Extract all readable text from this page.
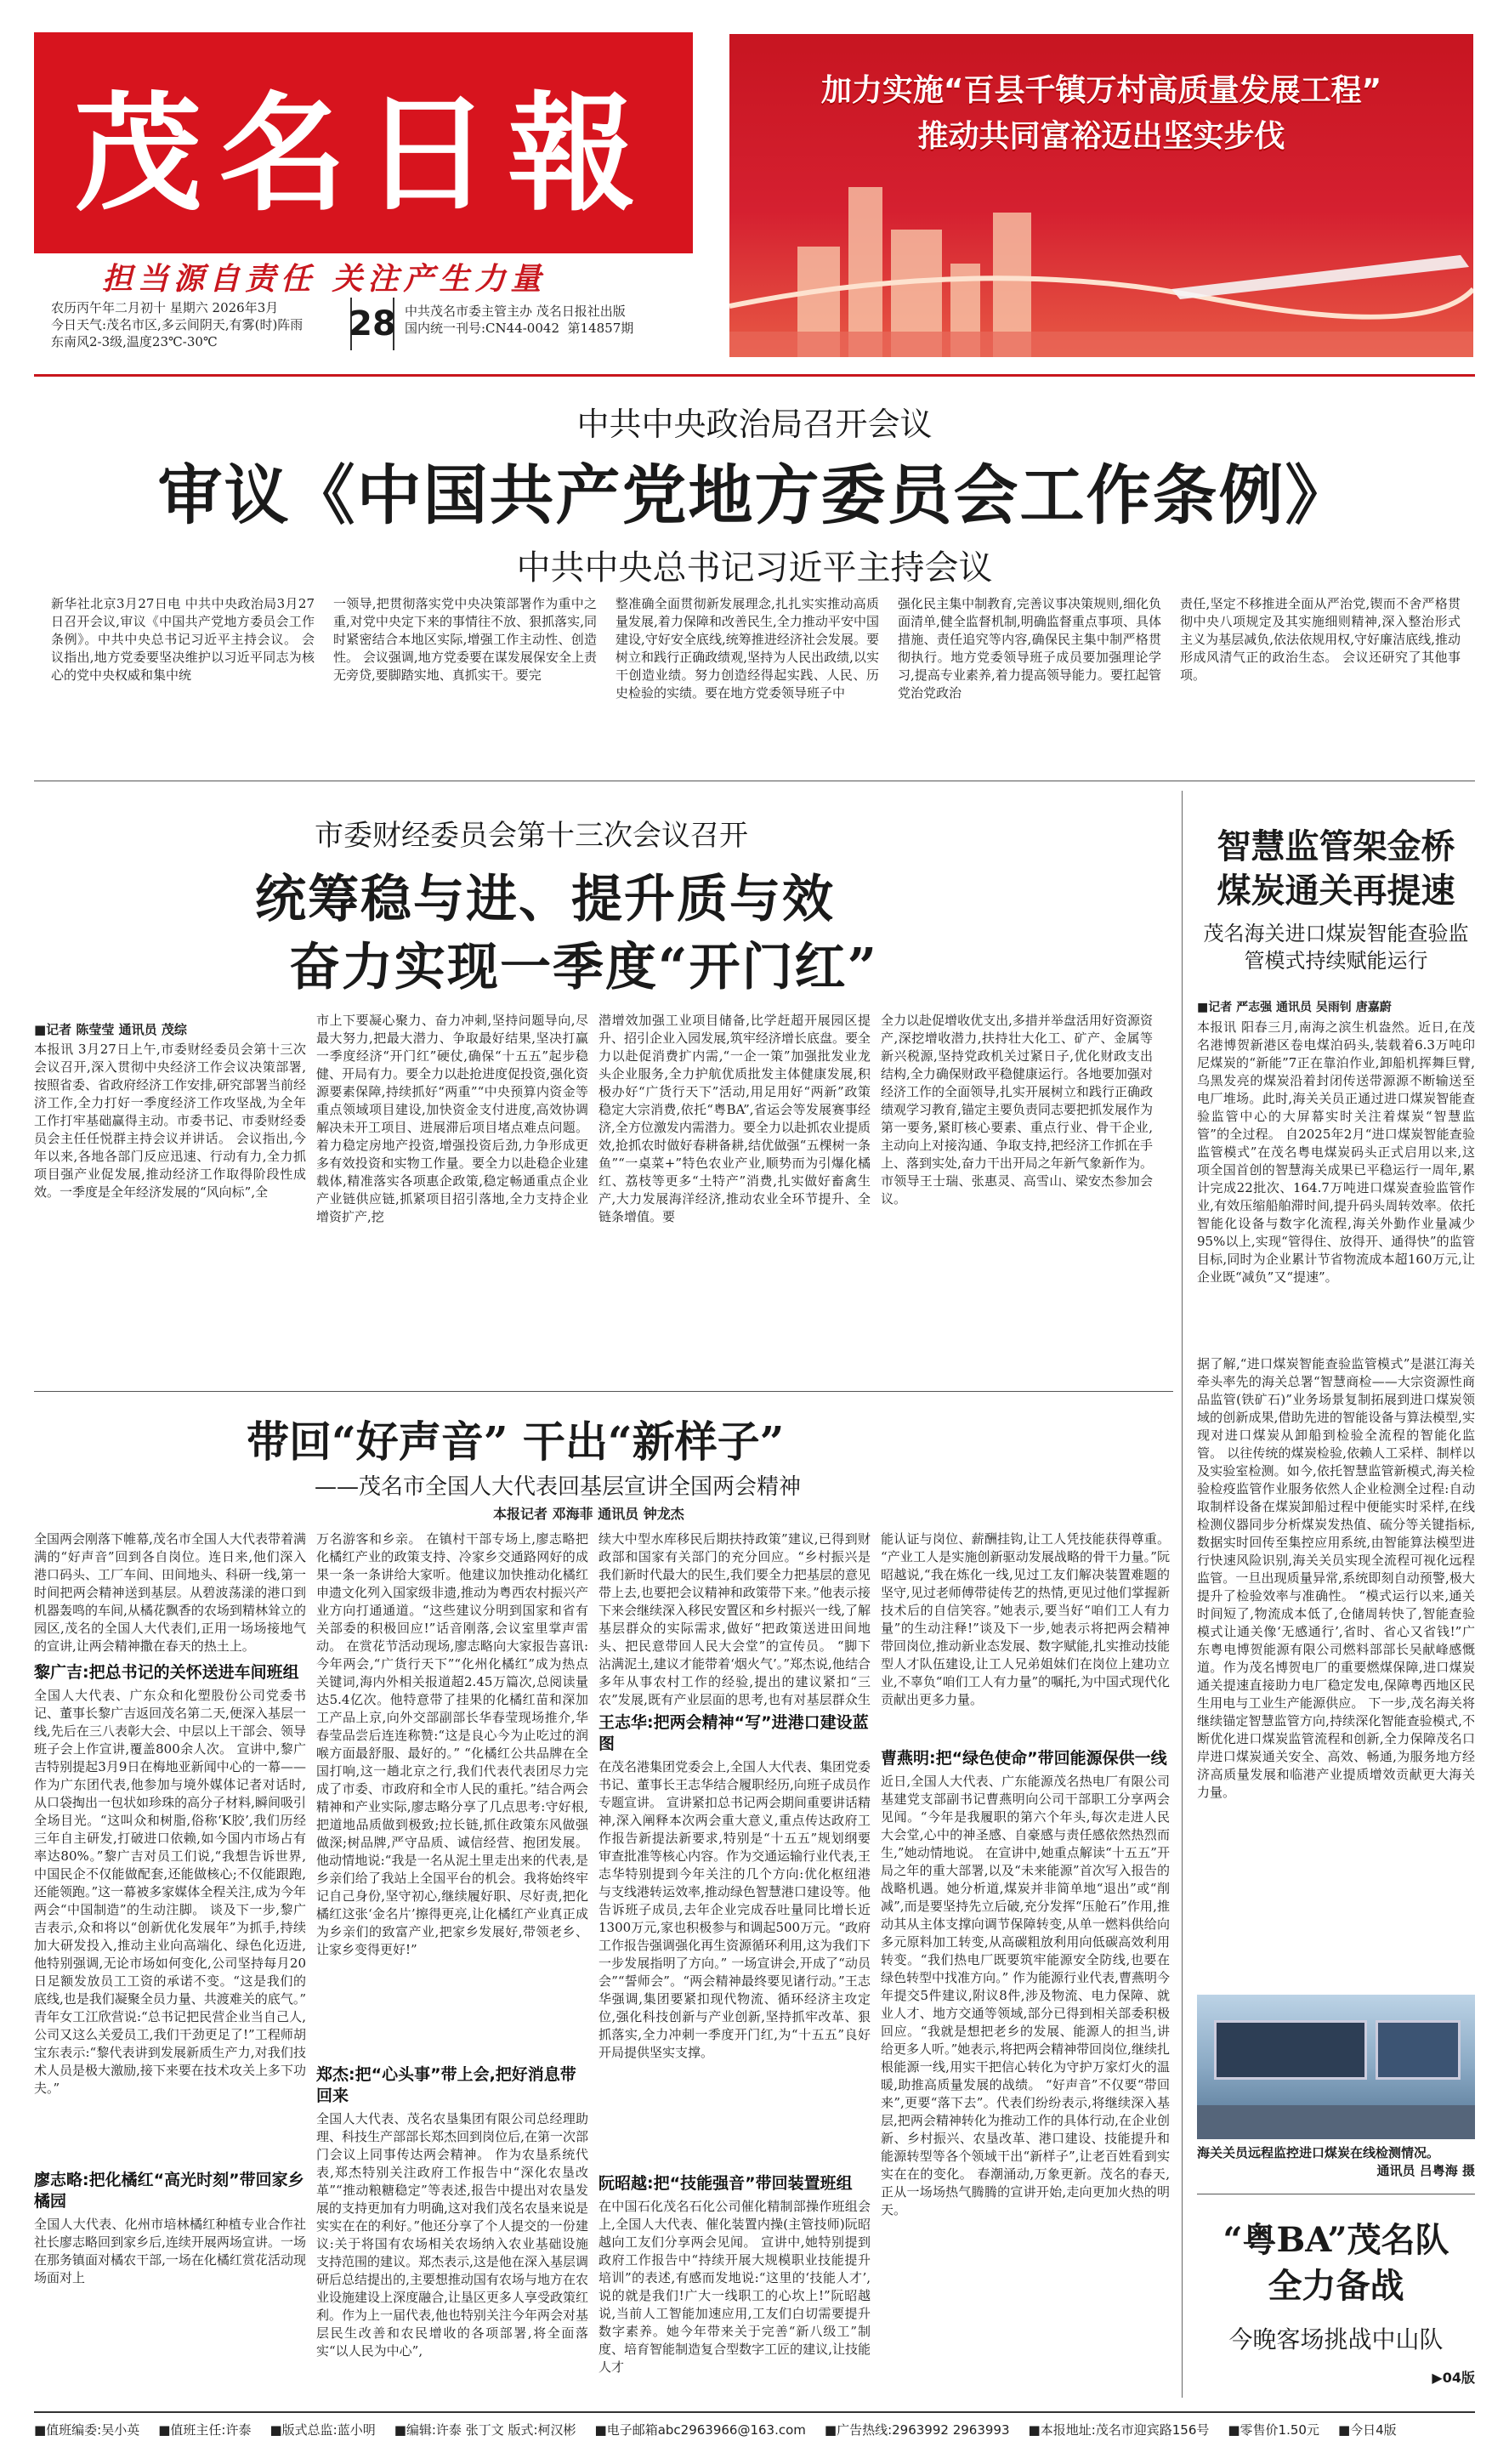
茂名日報
担当源自责任 关注产生力量
农历丙午年二月初十 星期六 2026年3月
今日天气:茂名市区,多云间阴天,有雾(时)阵雨
东南风2-3级,温度23℃-30℃	28 中共茂名市委主管主办 茂名日报社出版
国内统一刊号:CN44-0042 第14857期
加力实施“百县千镇万村高质量发展工程”
推动共同富裕迈出坚实步伐
中共中央政治局召开会议
审议《中国共产党地方委员会工作条例》
中共中央总书记习近平主持会议
新华社北京3月27日电 中共中央政治局3月27日召开会议,审议《中国共产党地方委员会工作条例》。中共中央总书记习近平主持会议。 会议指出,地方党委要坚决维护以习近平同志为核心的党中央权威和集中统
一领导,把贯彻落实党中央决策部署作为重中之重,对党中央定下来的事情往不放、狠抓落实,同时紧密结合本地区实际,增强工作主动性、创造性。 会议强调,地方党委要在谋发展保安全上责无旁贷,要脚踏实地、真抓实干。要完
整准确全面贯彻新发展理念,扎扎实实推动高质量发展,着力保障和改善民生,全力推动平安中国建设,守好安全底线,统筹推进经济社会发展。要树立和践行正确政绩观,坚持为人民出政绩,以实干创造业绩。努力创造经得起实践、人民、历史检验的实绩。要在地方党委领导班子中
强化民主集中制教育,完善议事决策规则,细化负面清单,健全监督机制,明确监督重点事项、具体措施、责任追究等内容,确保民主集中制严格贯彻执行。地方党委领导班子成员要加强理论学习,提高专业素养,着力提高领导能力。要扛起管党治党政治
责任,坚定不移推进全面从严治党,锲而不舍严格贯彻中央八项规定及其实施细则精神,深入整治形式主义为基层减负,依法依规用权,守好廉洁底线,推动形成风清气正的政治生态。 会议还研究了其他事项。
市委财经委员会第十三次会议召开
统筹稳与进、提升质与效
奋力实现一季度“开门红”
■记者 陈莹莹 通讯员 茂综
本报讯 3月27日上午,市委财经委员会第十三次会议召开,深入贯彻中央经济工作会议决策部署,按照省委、省政府经济工作安排,研究部署当前经济工作,全力打好一季度经济工作攻坚战,为全年工作打牢基础赢得主动。市委书记、市委财经委员会主任任悦群主持会议并讲话。 会议指出,今年以来,各地各部门反应迅速、行动有力,全力抓项目强产业促发展,推动经济工作取得阶段性成效。一季度是全年经济发展的“风向标”,全
市上下要凝心聚力、奋力冲刺,坚持问题导向,尽最大努力,把最大潜力、争取最好结果,坚决打赢一季度经济“开门红”硬仗,确保“十五五”起步稳健、开局有力。要全力以赴抢进度促投资,强化资源要素保障,持续抓好“两重”“中央预算内资金等重点领域项目建设,加快资金支付进度,高效协调解决未开工项目、进展滞后项目堵点难点问题。着力稳定房地产投资,增强投资后劲,力争形成更多有效投资和实物工作量。要全力以赴稳企业建载体,精准落实各项惠企政策,稳定畅通重点企业产业链供应链,抓紧项目招引落地,全力支持企业增资扩产,挖
潜增效加强工业项目储备,比学赶超开展园区提升、招引企业入园发展,筑牢经济增长底盘。要全力以赴促消费扩内需,“一企一策”加强批发业龙头企业服务,全力护航优质批发主体健康发展,积极办好“广货行天下”活动,用足用好“两新”政策稳定大宗消费,依托“粤BA”,省运会等发展赛事经济,全方位激发内需潜力。要全力以赴抓农业提质效,抢抓农时做好春耕备耕,结优做强“五棵树一条鱼”“一桌菜+”特色农业产业,顺势而为引爆化橘红、荔枝等更多“土特产”消费,扎实做好畜禽生产,大力发展海洋经济,推动农业全环节提升、全链条增值。要
全力以赴促增收优支出,多措并举盘活用好资源资产,深挖增收潜力,扶持壮大化工、矿产、金属等新兴税源,坚持党政机关过紧日子,优化财政支出结构,全力确保财政平稳健康运行。各地要加强对经济工作的全面领导,扎实开展树立和践行正确政绩观学习教育,锚定主要负责同志要把抓发展作为第一要务,紧盯核心要素、重点行业、骨干企业,主动向上对接沟通、争取支持,把经济工作抓在手上、落到实处,奋力干出开局之年新气象新作为。 市领导王士瑞、张惠灵、高雪山、梁安杰参加会议。
智慧监管架金桥
煤炭通关再提速
茂名海关进口煤炭智能查验监管模式持续赋能运行
■记者 严志强 通讯员 吴雨钊 唐嘉蔚
本报讯 阳春三月,南海之滨生机盎然。近日,在茂名港博贺新港区卷电煤泊码头,装载着6.3万吨印尼煤炭的“新能”7正在靠泊作业,卸船机挥舞巨臂,乌黑发亮的煤炭沿着封闭传送带源源不断输送至电厂堆场。此时,海关关员正通过进口煤炭智能查验监管中心的大屏幕实时关注着煤炭“智慧监管”的全过程。 自2025年2月“进口煤炭智能查验监管模式”在茂名粤电煤炭码头正式启用以来,这项全国首创的智慧海关成果已平稳运行一周年,累计完成22批次、164.7万吨进口煤炭查验监管作业,有效压缩船舶滞时间,提升码头周转效率。依托智能化设备与数字化流程,海关外勤作业量减少95%以上,实现“管得住、放得开、通得快”的监管目标,同时为企业累计节省物流成本超160万元,让企业既“减负”又“提速”。
据了解,“进口煤炭智能查验监管模式”是湛江海关牵头率先的海关总署“智慧商检——大宗资源性商品监管(铁矿石)”业务场景复制拓展到进口煤炭领域的创新成果,借助先进的智能设备与算法模型,实现对进口煤炭从卸船到检验全流程的智能化监管。 以往传统的煤炭检验,依赖人工采样、制样以及实验室检测。如今,依托智慧监管新模式,海关检验检疫监管作业服务依然人企业检测全过程:自动取制样设备在煤炭卸船过程中便能实时采样,在线检测仪器同步分析煤炭发热值、硫分等关键指标,数据实时回传至集控应用系统,由智能算法模型进行快速风险识别,海关关员实现全流程可视化远程监管。一旦出现质量异常,系统即刻自动预警,极大提升了检验效率与准确性。 “模式运行以来,通关时间短了,物流成本低了,仓储周转快了,智能查验模式让通关像‘无感通行’,省时、省心又省钱!”广东粤电博贺能源有限公司燃料部部长吴献峰感慨道。作为茂名博贺电厂的重要燃煤保障,进口煤炭通关提速直接助力电厂稳定发电,保障粤西地区民生用电与工业生产能源供应。 下一步,茂名海关将继续锚定智慧监管方向,持续深化智能查验模式,不断优化进口煤炭监管流程和创新,全力保障茂名口岸进口煤炭通关安全、高效、畅通,为服务地方经济高质量发展和临港产业提质增效贡献更大海关力量。
海关关员远程监控进口煤炭在线检测情况。
通讯员 吕粤海 摄
“粤BA”茂名队
全力备战
今晚客场挑战中山队
▶04版
带回“好声音” 干出“新样子”
——茂名市全国人大代表回基层宣讲全国两会精神
本报记者 邓海菲 通讯员 钟龙杰
全国两会刚落下帷幕,茂名市全国人大代表带着满满的“好声音”回到各自岗位。连日来,他们深入港口码头、工厂车间、田间地头、科研一线,第一时间把两会精神送到基层。从碧波荡漾的港口到机器轰鸣的车间,从橘花飘香的农场到精林耸立的园区,茂名的全国人大代表们,正用一场场接地气的宣讲,让两会精神撒在春天的热土上。
黎广吉:把总书记的关怀送进车间班组
全国人大代表、广东众和化塑股份公司党委书记、董事长黎广吉返回茂名第二天,便深入基层一线,先后在三八表彰大会、中层以上干部会、领导班子会上作宣讲,覆盖800余人次。 宣讲中,黎广吉特别提起3月9日在梅地亚新闻中心的一幕——作为广东团代表,他参加与境外媒体记者对话时,从口袋掏出一包状如珍珠的高分子材料,瞬间吸引全场目光。“这叫众和树脂,俗称‘K胶’,我们历经三年自主研发,打破进口依赖,如今国内市场占有率达80%。”黎广吉对员工们说,“我想告诉世界,中国民企不仅能做配套,还能做核心;不仅能跟跑,还能领跑。”这一幕被多家媒体全程关注,成为今年两会“中国制造”的生动注脚。 谈及下一步,黎广吉表示,众和将以“创新优化发展年”为抓手,持续加大研发投入,推动主业向高端化、绿色化迈进,他特别强调,无论市场如何变化,公司坚持每月20日足额发放员工工资的承诺不变。“这是我们的底线,也是我们凝聚全员力量、共渡难关的底气。” 青年女工江欣营说:“总书记把民营企业当自己人,公司又这么关爱员工,我们干劲更足了!”工程师胡宝东表示:“黎代表讲到发展新质生产力,对我们技术人员是极大激励,接下来要在技术攻关上多下功夫。”
廖志略:把化橘红“高光时刻”带回家乡橘园
全国人大代表、化州市培林橘红种植专业合作社社长廖志略回到家乡后,连续开展两场宣讲。一场在那务镇面对橘农干部,一场在化橘红赏花活动现场面对上
万名游客和乡亲。 在镇村干部专场上,廖志略把化橘红产业的政策支持、冷家乡交通路网好的成果一条一条讲给大家听。他建议加快推动化橘红申遗文化列入国家级非遗,推动为粤西农村振兴产业方向打通通道。“这些建议分明到国家和省有关部委的积极回应!”话音刚落,会议室里掌声雷动。 在赏花节活动现场,廖志略向大家报告喜讯:今年两会,“广货行天下”“化州化橘红”成为热点关键词,海内外相关报道超2.45万篇次,总阅读量达5.4亿次。他特意带了挂果的化橘红苗和深加工产品上京,向外交部副部长华春莹现场推介,华春莹品尝后连连称赞:“这是良心今为止吃过的润喉方面最舒服、最好的。” “化橘红公共品牌在全国打响,这一趟北京之行,我们代表代表团尽力完成了市委、市政府和全市人民的重托。”结合两会精神和产业实际,廖志略分享了几点思考:守好根,把道地品质做到极致;拉长链,抓住政策东风做强做深;树品牌,严守品质、诚信经营、抱团发展。他动情地说:“我是一名从泥土里走出来的代表,是乡亲们给了我站上全国平台的机会。我将始终牢记自己身份,坚守初心,继续履好职、尽好责,把化橘红这张‘金名片’擦得更亮,让化橘红产业真正成为乡亲们的致富产业,把家乡发展好,带领老乡、让家乡变得更好!”
郑杰:把“心头事”带上会,把好消息带回来
全国人大代表、茂名农垦集团有限公司总经理助理、科技生产部部长郑杰回到岗位后,在第一次部门会议上同事传达两会精神。 作为农垦系统代表,郑杰特别关注政府工作报告中“深化农垦改革”“推动粮糖稳定”等表述,报告中提出对农垦发展的支持更加有力明确,这对我们茂名农垦来说是实实在在的利好。”他还分享了个人提交的一份建议:关于将国有农场相关农场纳入农业基础设施支持范围的建议。郑杰表示,这是他在深入基层调研后总结提出的,主要想推动国有农场与地方在农业设施建设上深度融合,让垦区更多人享受政策红利。作为上一届代表,他也特别关注今年两会对基层民生改善和农民增收的各项部署,将全面落实“以人民为中心”,
续大中型水库移民后期扶持政策”建议,已得到财政部和国家有关部门的充分回应。“乡村振兴是我们新时代最大的民生,我们要全力把基层的意见带上去,也要把会议精神和政策带下来。”他表示接下来会继续深入移民安置区和乡村振兴一线,了解基层群众的实际需求,做好“把政策送进田间地头、把民意带回人民大会堂”的宣传员。 “脚下沾满泥土,建议才能带着‘烟火气’。”郑杰说,他结合多年从事农村工作的经验,提出的建议紧扣“三农”发展,既有产业层面的思考,也有对基层群众生
王志华:把两会精神“写”进港口建设蓝图
在茂名港集团党委会上,全国人大代表、集团党委书记、董事长王志华结合履职经历,向班子成员作专题宣讲。 宣讲紧扣总书记两会期间重要讲话精神,深入阐释本次两会重大意义,重点传达政府工作报告新提法新要求,特别是“十五五”规划纲要审查批准等核心内容。作为交通运输行业代表,王志华特别提到今年关注的几个方向:优化枢纽港与支线港转运效率,推动绿色智慧港口建设等。他告诉班子成员,去年企业完成吞吐量同比增长近1300万元,家也积极参与和调起500万元。“政府工作报告强调强化再生资源循环利用,这为我们下一步发展指明了方向。” 一场宣讲会,开成了“动员会”“誓师会”。“两会精神最终要见诸行动。”王志华强调,集团要紧扣现代物流、循环经济主攻定位,强化科技创新与产业创新,坚持抓牢改革、狠抓落实,全力冲刺一季度开门红,为“十五五”良好开局提供坚实支撑。
阮昭越:把“技能强音”带回装置班组
在中国石化茂名石化公司催化精制部操作班组会上,全国人大代表、催化装置内操(主管技师)阮昭越向工友们分享两会见闻。 宣讲中,她特别提到政府工作报告中“持续开展大规模职业技能提升培训”的表述,有感而发地说:“这里的‘技能人才’,说的就是我们!广大一线职工的心坎上!”阮昭越说,当前人工智能加速应用,工友们白切需要提升数字素养。她今年带来关于完善“新八级工”制度、培育智能制造复合型数字工匠的建议,让技能人才
能认证与岗位、薪酬挂钩,让工人凭技能获得尊重。 “产业工人是实施创新驱动发展战略的骨干力量。”阮昭越说,“我在炼化一线,见过工友们解决装置难题的坚守,见过老师傅带徒传艺的热情,更见过他们掌握新技术后的自信笑容。”她表示,要当好“咱们工人有力量”的生动注释!”谈及下一步,她表示将把两会精神带回岗位,推动新业态发展、数字赋能,扎实推动技能型人才队伍建设,让工人兄弟姐妹们在岗位上建功立业,不辜负“咱们工人有力量”的嘱托,为中国式现代化贡献出更多力量。
曹燕明:把“绿色使命”带回能源保供一线
近日,全国人大代表、广东能源茂名热电厂有限公司基建党支部副书记曹燕明向公司干部职工分享两会见闻。“今年是我履职的第六个年头,每次走进人民大会堂,心中的神圣感、自豪感与责任感依然热烈而生,”她动情地说。 在宣讲中,她重点解读“十五五”开局之年的重大部署,以及“未来能源”首次写入报告的战略机遇。她分析道,煤炭并非简单地“退出”或“削减”,而是要坚持先立后破,充分发挥“压舱石”作用,推动其从主体支撑向调节保障转变,从单一燃料供给向多元原料加工转变,从高碳粗放利用向低碳高效利用转变。“我们热电厂既要筑牢能源安全防线,也要在绿色转型中找准方向。” 作为能源行业代表,曹燕明今年提交5件建议,附议8件,涉及物流、电力保障、就业人才、地方交通等领域,部分已得到相关部委积极回应。“我就是想把老乡的发展、能源人的担当,讲给更多人听。”她表示,将把两会精神带回岗位,继续扎根能源一线,用实干把信心转化为守护万家灯火的温暖,助推高质量发展的战绩。 “好声音”不仅要“带回来”,更要“落下去”。代表们纷纷表示,将继续深入基层,把两会精神转化为推动工作的具体行动,在企业创新、乡村振兴、农垦改革、港口建设、技能提升和能源转型等各个领域干出“新样子”,让老百姓看到实实在在的变化。 春潮涌动,万象更新。茂名的春天,正从一场场热气腾腾的宣讲开始,走向更加火热的明天。
■值班编委:吴小英 ■值班主任:许泰 ■版式总监:蓝小明 ■编辑:许泰 张丁文 版式:柯汉彬 ■电子邮箱abc2963966@163.com ■广告热线:2963992 2963993 ■本报地址:茂名市迎宾路156号 ■零售价1.50元 ■今日4版
